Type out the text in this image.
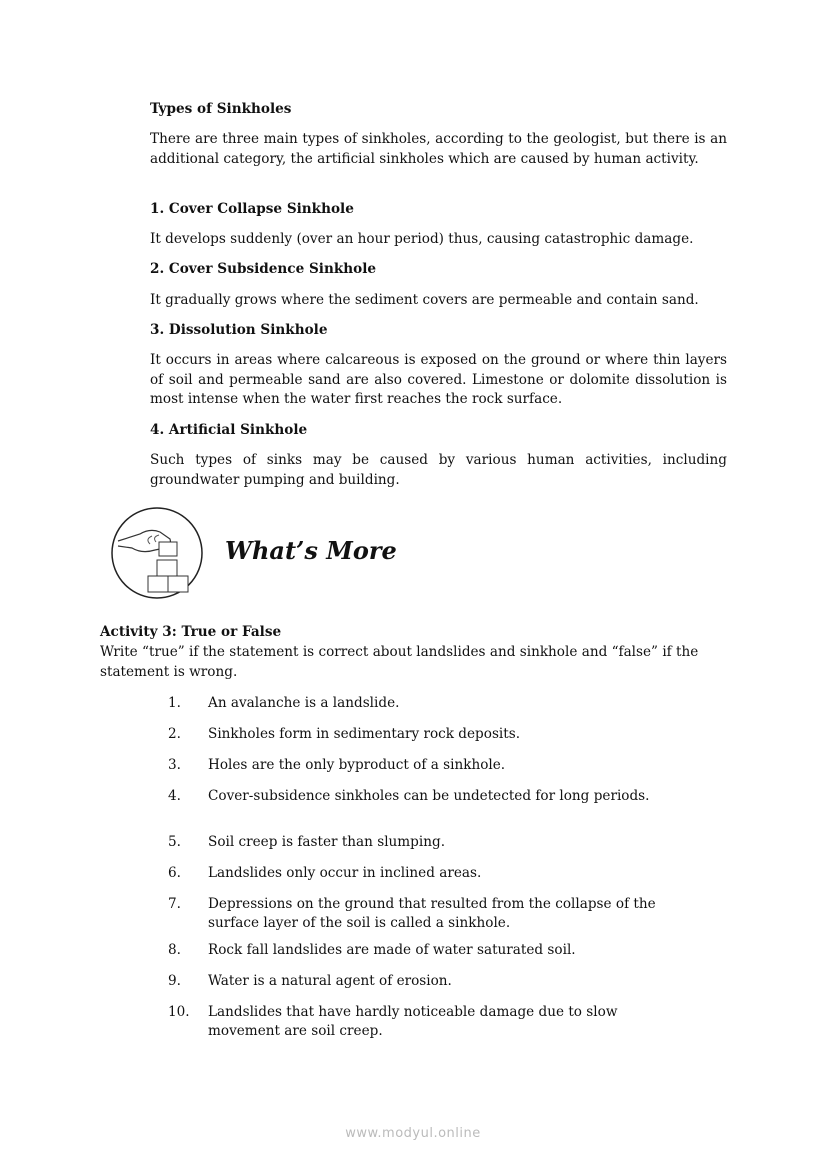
Types of Sinkholes
There are three main types of sinkholes, according to the geologist, but there is an additional category, the artificial sinkholes which are caused by human activity.
1. Cover Collapse Sinkhole
It develops suddenly (over an hour period) thus, causing catastrophic damage.
2. Cover Subsidence Sinkhole
It gradually grows where the sediment covers are permeable and contain sand.
3. Dissolution Sinkhole
It occurs in areas where calcareous is exposed on the ground or where thin layers of soil and permeable sand are also covered. Limestone or dolomite dissolution is most intense when the water first reaches the rock surface.
4. Artificial Sinkhole
Such types of sinks may be caused by various human activities, including groundwater pumping and building.
What’s More
Activity 3: True or False
Write “true” if the statement is correct about landslides and sinkhole and “false” if the statement is wrong.
1.	An avalanche is a landslide.
2.	Sinkholes form in sedimentary rock deposits.
3.	Holes are the only byproduct of a sinkhole.
4.	Cover-subsidence sinkholes can be undetected for long periods.
5.	Soil creep is faster than slumping.
6.	Landslides only occur in inclined areas.
7.	Depressions on the ground that resulted from the collapse of the surface layer of the soil is called a sinkhole.
8.	Rock fall landslides are made of water saturated soil.
9.	Water is a natural agent of erosion.
10.	Landslides that have hardly noticeable damage due to slow movement are soil creep.
www.modyul.online
